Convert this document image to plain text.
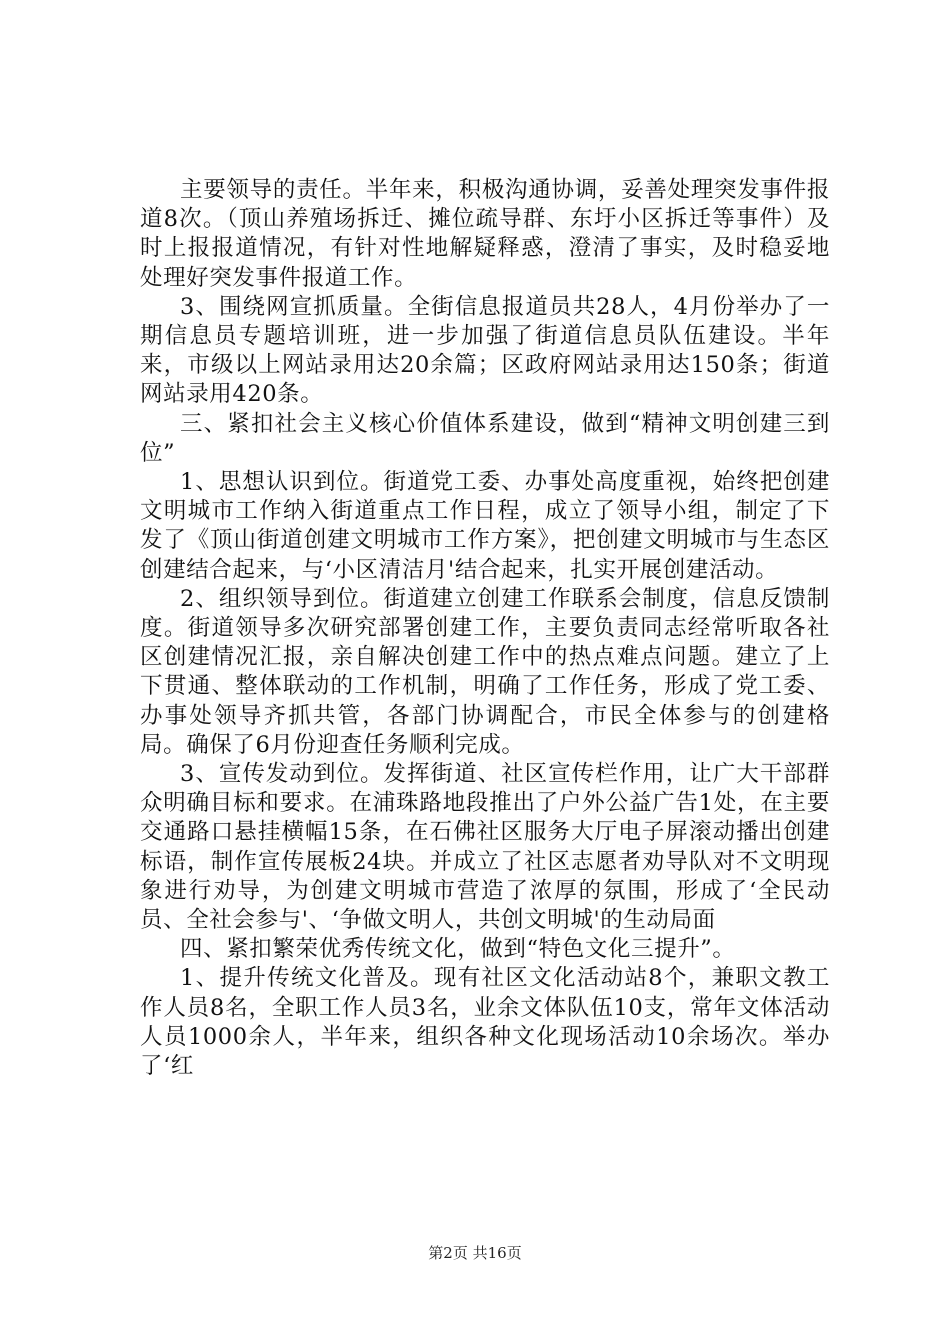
主要领导的责任。半年来，积极沟通协调，妥善处理突发事件报道8次。（顶山养殖场拆迁、摊位疏导群、东圩小区拆迁等事件）及时上报报道情况，有针对性地解疑释惑，澄清了事实，及时稳妥地处理好突发事件报道工作。

3、围绕网宣抓质量。全街信息报道员共28人，4月份举办了一期信息员专题培训班，进一步加强了街道信息员队伍建设。半年来，市级以上网站录用达20余篇；区政府网站录用达150条；街道网站录用420条。

三、紧扣社会主义核心价值体系建设，做到“精神文明创建三到位”

1、思想认识到位。街道党工委、办事处高度重视，始终把创建文明城市工作纳入街道重点工作日程，成立了领导小组，制定了下发了《顶山街道创建文明城市工作方案》，把创建文明城市与生态区创建结合起来，与‘小区清洁月'结合起来，扎实开展创建活动。

2、组织领导到位。街道建立创建工作联系会制度，信息反馈制度。街道领导多次研究部署创建工作，主要负责同志经常听取各社区创建情况汇报，亲自解决创建工作中的热点难点问题。建立了上下贯通、整体联动的工作机制，明确了工作任务，形成了党工委、办事处领导齐抓共管，各部门协调配合，市民全体参与的创建格局。确保了6月份迎查任务顺利完成。

3、宣传发动到位。发挥街道、社区宣传栏作用，让广大干部群众明确目标和要求。在浦珠路地段推出了户外公益广告1处，在主要交通路口悬挂横幅15条，在石佛社区服务大厅电子屏滚动播出创建标语，制作宣传展板24块。并成立了社区志愿者劝导队对不文明现象进行劝导，为创建文明城市营造了浓厚的氛围，形成了‘全民动员、全社会参与'、‘争做文明人，共创文明城'的生动局面

四、紧扣繁荣优秀传统文化，做到“特色文化三提升”。

1、提升传统文化普及。现有社区文化活动站8个，兼职文教工作人员8名，全职工作人员3名，业余文体队伍10支，常年文体活动人员1000余人，半年来，组织各种文化现场活动10余场次。举办了‘红

第2页 共16页
